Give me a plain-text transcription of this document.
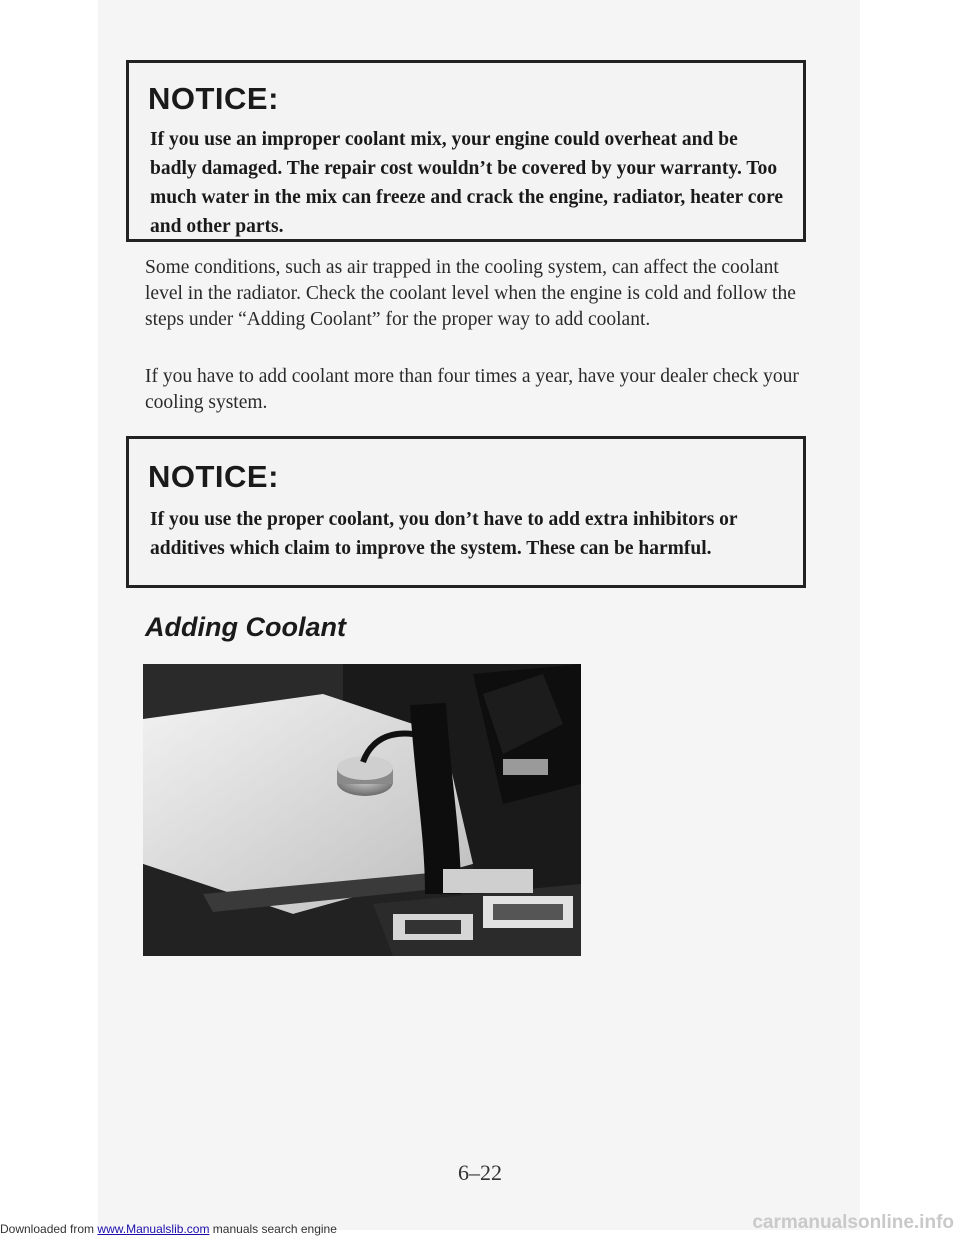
NOTICE:
If you use an improper coolant mix, your engine could overheat and be badly damaged. The repair cost wouldn’t be covered by your warranty. Too much water in the mix can freeze and crack the engine, radiator, heater core and other parts.
Some conditions, such as air trapped in the cooling system, can affect the coolant level in the radiator. Check the coolant level when the engine is cold and follow the steps under “Adding Coolant” for the proper way to add coolant.
If you have to add coolant more than four times a year, have your dealer check your cooling system.
NOTICE:
If you use the proper coolant, you don’t have to add extra inhibitors or additives which claim to improve the system. These can be harmful.
Adding Coolant
6–22
Downloaded from www.Manualslib.com manuals search engine	carmanualsonline.info
